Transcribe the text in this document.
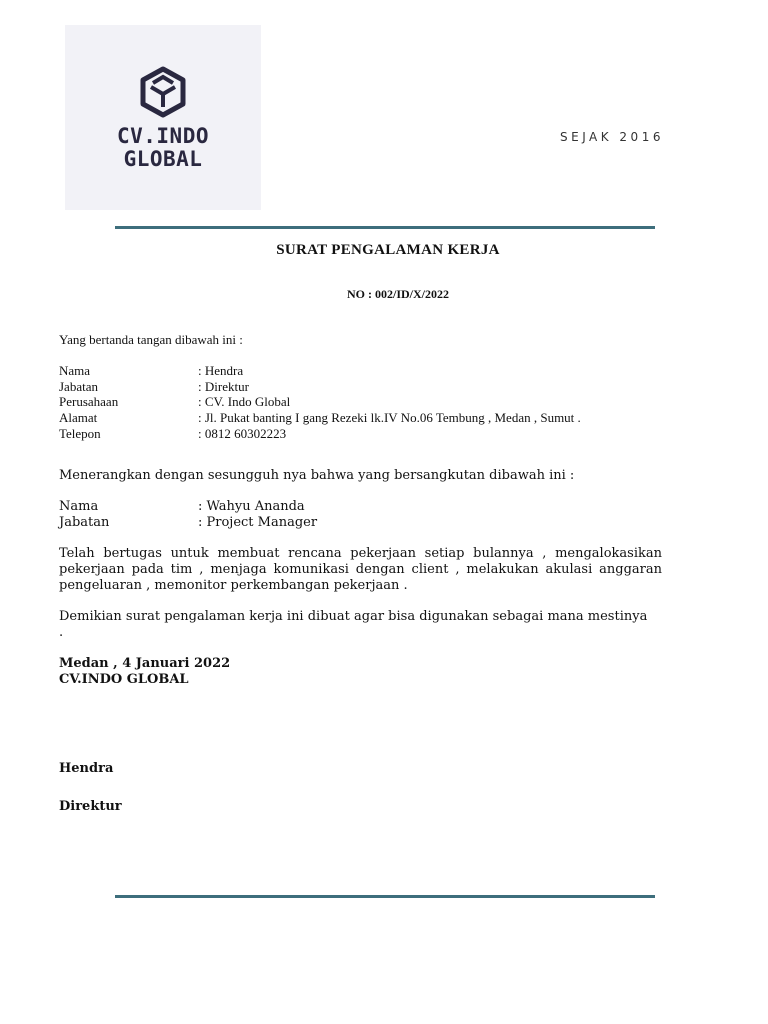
CV.INDO
GLOBAL
SEJAK 2016
SURAT PENGALAMAN KERJA
NO : 002/ID/X/2022
Yang bertanda tangan dibawah ini :
Nama	: Hendra
Jabatan	: Direktur
Perusahaan	: CV. Indo Global
Alamat	: Jl. Pukat banting I gang Rezeki lk.IV No.06 Tembung , Medan , Sumut .
Telepon	: 0812 60302223
Menerangkan dengan sesungguh nya bahwa yang bersangkutan dibawah ini :
Nama	: Wahyu Ananda
Jabatan	: Project Manager
Telah bertugas untuk membuat rencana pekerjaan setiap bulannya , mengalokasikan pekerjaan pada tim , menjaga komunikasi dengan client , melakukan akulasi anggaran pengeluaran , memonitor perkembangan pekerjaan .
Demikian surat pengalaman kerja ini dibuat agar bisa digunakan sebagai mana mestinya .
Medan , 4 Januari 2022
CV.INDO GLOBAL
Hendra
Direktur
